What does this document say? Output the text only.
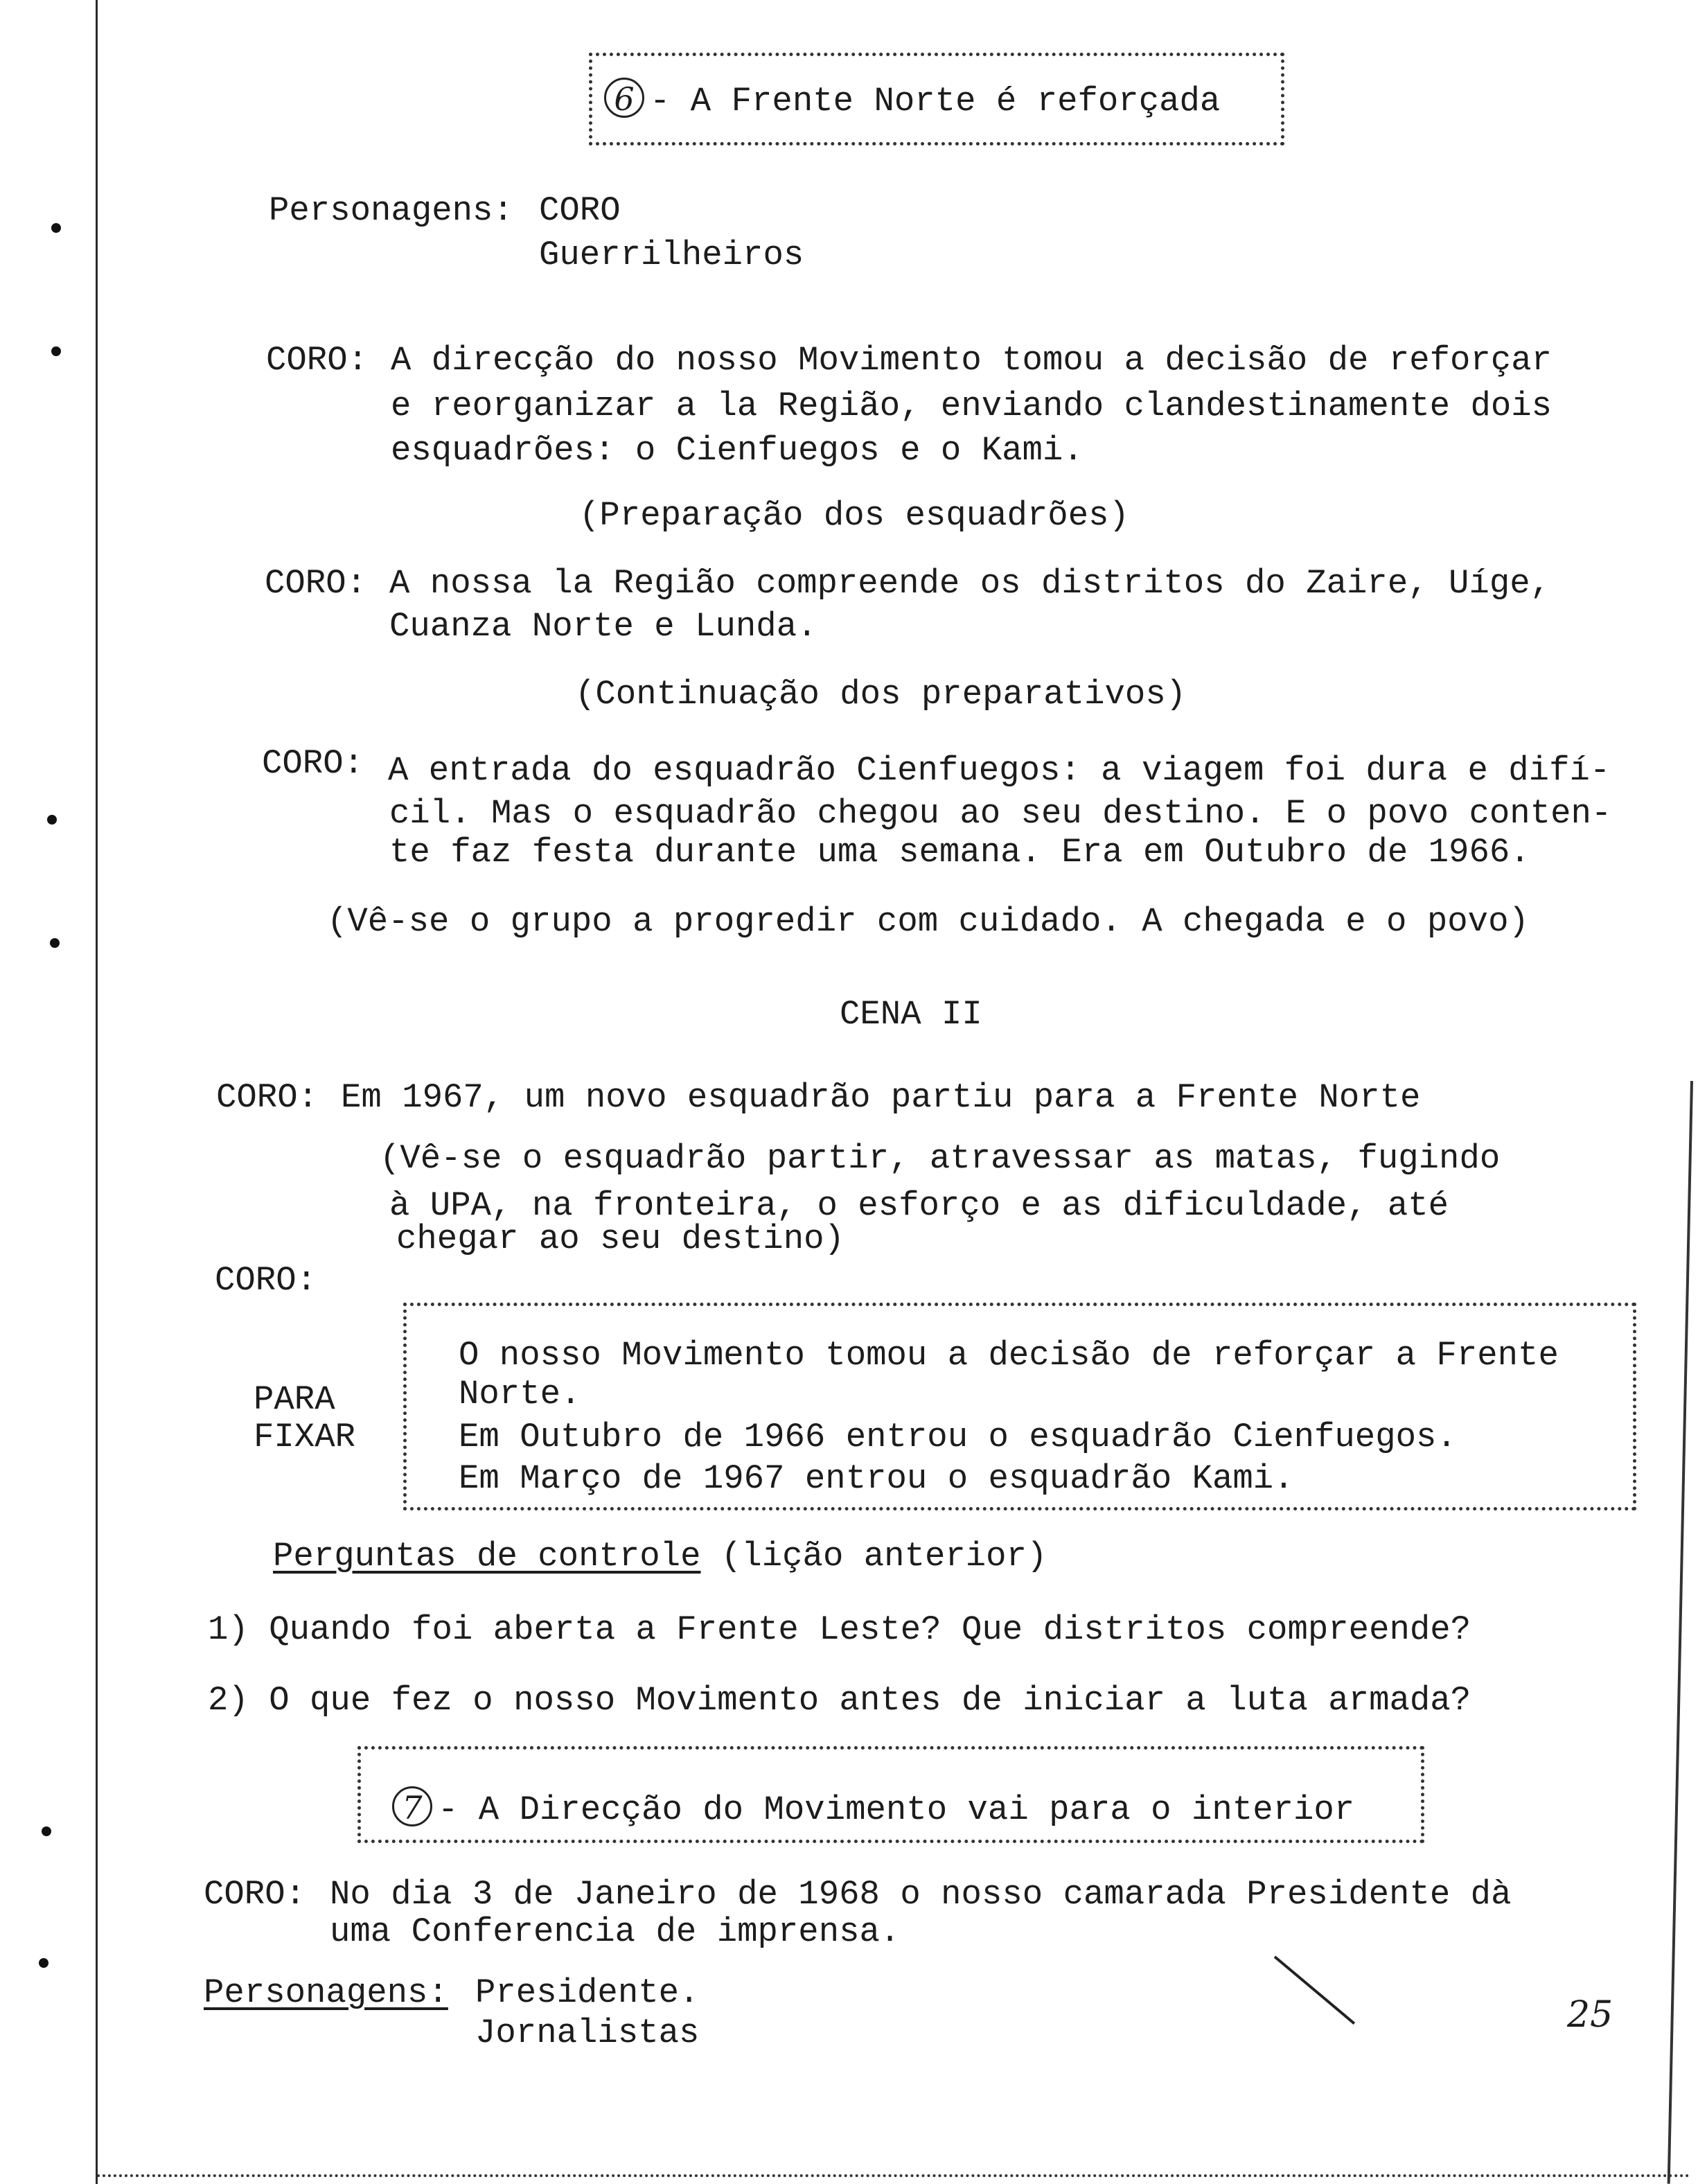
6 - A Frente Norte é reforçada
Personagens: CORO
Guerrilheiros
CORO: A direcção do nosso Movimento tomou a decisão de reforçar
e reorganizar a la Região, enviando clandestinamente dois
esquadrões: o Cienfuegos e o Kami.
(Preparação dos esquadrões)
CORO: A nossa la Região compreende os distritos do Zaire, Uíge,
Cuanza Norte e Lunda.
(Continuação dos preparativos)
CORO: A entrada do esquadrão Cienfuegos: a viagem foi dura e difí-
cil. Mas o esquadrão chegou ao seu destino. E o povo conten-
te faz festa durante uma semana. Era em Outubro de 1966.
(Vê-se o grupo a progredir com cuidado. A chegada e o povo)
CENA II
CORO: Em 1967, um novo esquadrão partiu para a Frente Norte
(Vê-se o esquadrão partir, atravessar as matas, fugindo
à UPA, na fronteira, o esforço e as dificuldade, até
chegar ao seu destino)
CORO:
PARA
FIXAR
O nosso Movimento tomou a decisão de reforçar a Frente
Norte.
Em Outubro de 1966 entrou o esquadrão Cienfuegos.
Em Março de 1967 entrou o esquadrão Kami.
Perguntas de controle (lição anterior)
1) Quando foi aberta a Frente Leste? Que distritos compreende?
2) O que fez o nosso Movimento antes de iniciar a luta armada?
7 - A Direcção do Movimento vai para o interior
CORO: No dia 3 de Janeiro de 1968 o nosso camarada Presidente dà
uma Conferencia de imprensa.
Personagens: Presidente.
Jornalistas	25
